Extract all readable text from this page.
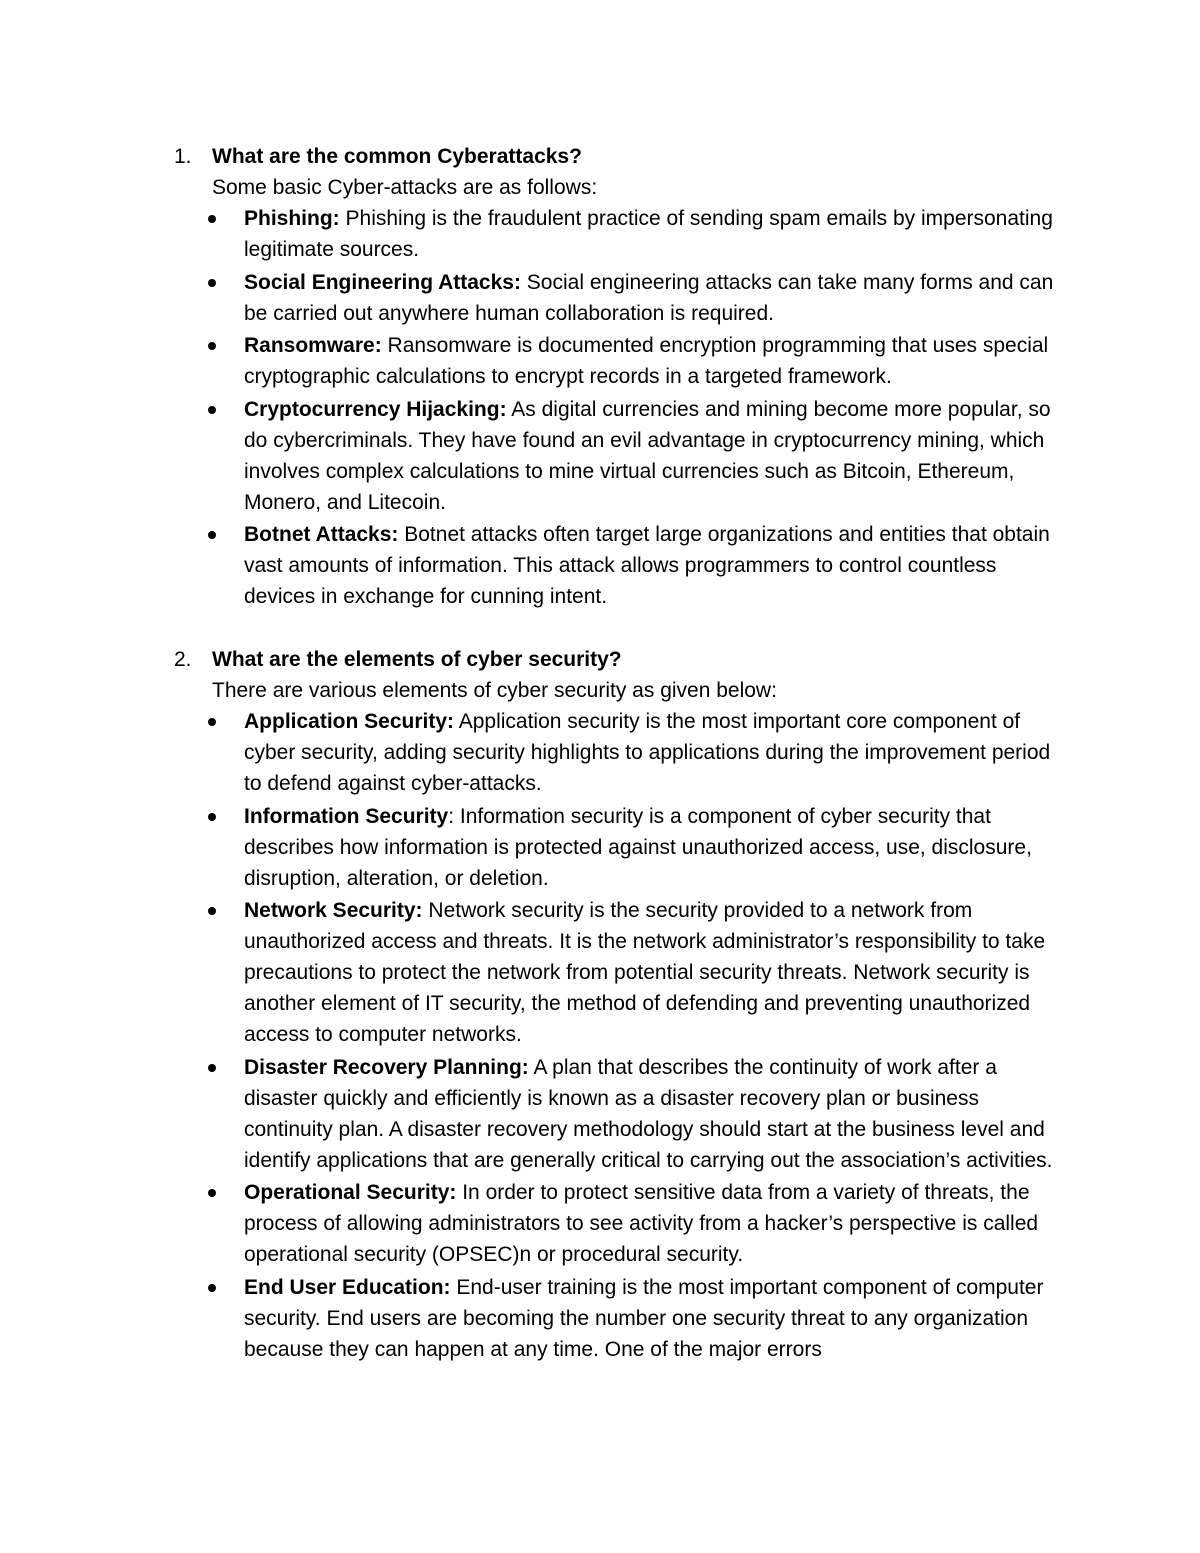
1. What are the common Cyberattacks?
Some basic Cyber-attacks are as follows:
Phishing: Phishing is the fraudulent practice of sending spam emails by impersonating legitimate sources.
Social Engineering Attacks: Social engineering attacks can take many forms and can be carried out anywhere human collaboration is required.
Ransomware: Ransomware is documented encryption programming that uses special cryptographic calculations to encrypt records in a targeted framework.
Cryptocurrency Hijacking: As digital currencies and mining become more popular, so do cybercriminals. They have found an evil advantage in cryptocurrency mining, which involves complex calculations to mine virtual currencies such as Bitcoin, Ethereum, Monero, and Litecoin.
Botnet Attacks: Botnet attacks often target large organizations and entities that obtain vast amounts of information. This attack allows programmers to control countless devices in exchange for cunning intent.
2. What are the elements of cyber security?
There are various elements of cyber security as given below:
Application Security: Application security is the most important core component of cyber security, adding security highlights to applications during the improvement period to defend against cyber-attacks.
Information Security: Information security is a component of cyber security that describes how information is protected against unauthorized access, use, disclosure, disruption, alteration, or deletion.
Network Security: Network security is the security provided to a network from unauthorized access and threats. It is the network administrator’s responsibility to take precautions to protect the network from potential security threats. Network security is another element of IT security, the method of defending and preventing unauthorized access to computer networks.
Disaster Recovery Planning: A plan that describes the continuity of work after a disaster quickly and efficiently is known as a disaster recovery plan or business continuity plan. A disaster recovery methodology should start at the business level and identify applications that are generally critical to carrying out the association’s activities.
Operational Security: In order to protect sensitive data from a variety of threats, the process of allowing administrators to see activity from a hacker’s perspective is called operational security (OPSEC)n or procedural security.
End User Education: End-user training is the most important component of computer security. End users are becoming the number one security threat to any organization because they can happen at any time. One of the major errors
